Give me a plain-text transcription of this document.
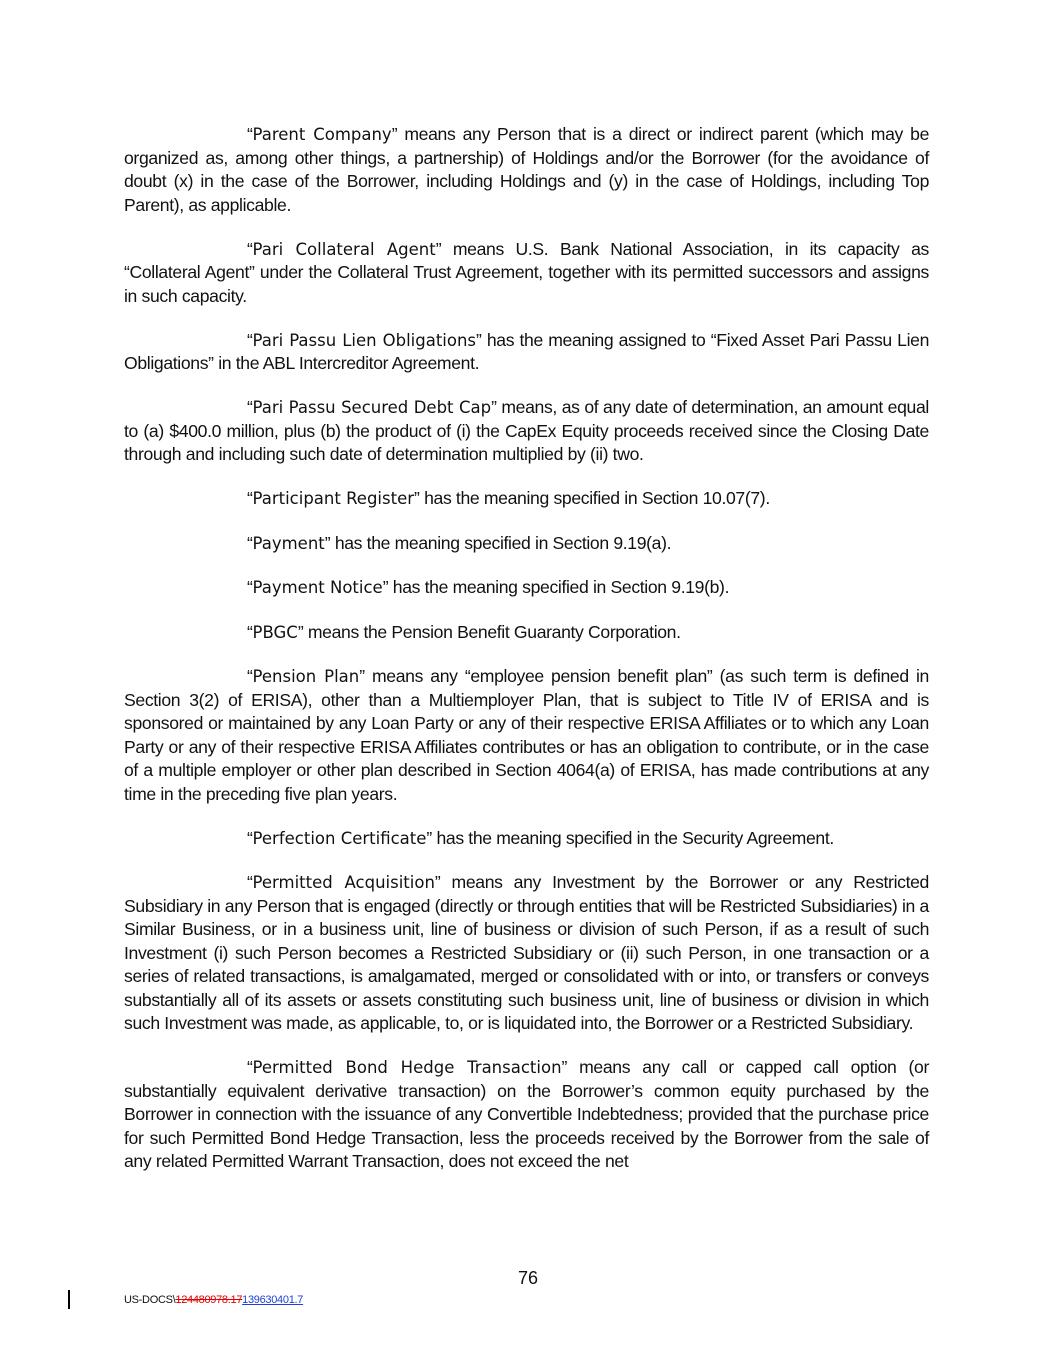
“Parent Company” means any Person that is a direct or indirect parent (which may be organized as, among other things, a partnership) of Holdings and/or the Borrower (for the avoidance of doubt (x) in the case of the Borrower, including Holdings and (y) in the case of Holdings, including Top Parent), as applicable.

“Pari Collateral Agent” means U.S. Bank National Association, in its capacity as “Collateral Agent” under the Collateral Trust Agreement, together with its permitted successors and assigns in such capacity.

“Pari Passu Lien Obligations” has the meaning assigned to “Fixed Asset Pari Passu Lien Obligations” in the ABL Intercreditor Agreement.

“Pari Passu Secured Debt Cap” means, as of any date of determination, an amount equal to (a) $400.0 million, plus (b) the product of (i) the CapEx Equity proceeds received since the Closing Date through and including such date of determination multiplied by (ii) two.

“Participant Register” has the meaning specified in Section 10.07(7).

“Payment” has the meaning specified in Section 9.19(a).

“Payment Notice” has the meaning specified in Section 9.19(b).

“PBGC” means the Pension Benefit Guaranty Corporation.

“Pension Plan” means any “employee pension benefit plan” (as such term is defined in Section 3(2) of ERISA), other than a Multiemployer Plan, that is subject to Title IV of ERISA and is sponsored or maintained by any Loan Party or any of their respective ERISA Affiliates or to which any Loan Party or any of their respective ERISA Affiliates contributes or has an obligation to contribute, or in the case of a multiple employer or other plan described in Section 4064(a) of ERISA, has made contributions at any time in the preceding five plan years.

“Perfection Certificate” has the meaning specified in the Security Agreement.

“Permitted Acquisition” means any Investment by the Borrower or any Restricted Subsidiary in any Person that is engaged (directly or through entities that will be Restricted Subsidiaries) in a Similar Business, or in a business unit, line of business or division of such Person, if as a result of such Investment (i) such Person becomes a Restricted Subsidiary or (ii) such Person, in one transaction or a series of related transactions, is amalgamated, merged or consolidated with or into, or transfers or conveys substantially all of its assets or assets constituting such business unit, line of business or division in which such Investment was made, as applicable, to, or is liquidated into, the Borrower or a Restricted Subsidiary.

“Permitted Bond Hedge Transaction” means any call or capped call option (or substantially equivalent derivative transaction) on the Borrower’s common equity purchased by the Borrower in connection with the issuance of any Convertible Indebtedness; provided that the purchase price for such Permitted Bond Hedge Transaction, less the proceeds received by the Borrower from the sale of any related Permitted Warrant Transaction, does not exceed the net

76
US-DOCS\124480978.17139630401.7
